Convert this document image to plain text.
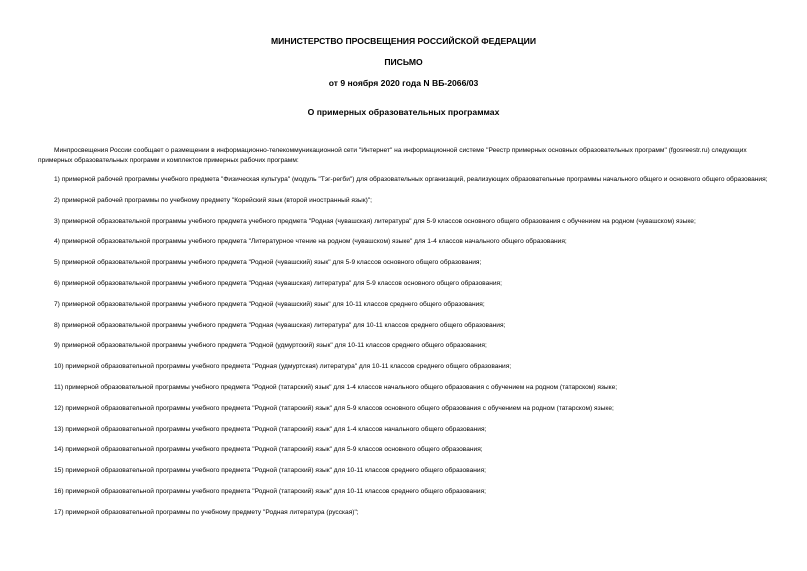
МИНИСТЕРСТВО ПРОСВЕЩЕНИЯ РОССИЙСКОЙ ФЕДЕРАЦИИ
ПИСЬМО
от 9 ноября 2020 года N ВБ-2066/03
О примерных образовательных программах

Минпросвещения России сообщает о размещении в информационно-телекоммуникационной сети "Интернет" на информационной системе "Реестр примерных основных образовательных программ" (fgosreestr.ru) следующих примерных образовательных программ и комплектов примерных рабочих программ:

1) примерной рабочей программы учебного предмета "Физическая культура" (модуль "Тэг-регби") для образовательных организаций, реализующих образовательные программы начального общего и основного общего образования;
2) примерной рабочей программы по учебному предмету "Корейский язык (второй иностранный язык)";
3) примерной образовательной программы учебного предмета учебного предмета "Родная (чувашская) литература" для 5-9 классов основного общего образования с обучением на родном (чувашском) языке;
4) примерной образовательной программы учебного предмета "Литературное чтение на родном (чувашском) языке" для 1-4 классов начального общего образования;
5) примерной образовательной программы учебного предмета "Родной (чувашский) язык" для 5-9 классов основного общего образования;
6) примерной образовательной программы учебного предмета "Родная (чувашская) литература" для 5-9 классов основного общего образования;
7) примерной образовательной программы учебного предмета "Родной (чувашский) язык" для 10-11 классов среднего общего образования;
8) примерной образовательной программы учебного предмета "Родная (чувашская) литература" для 10-11 классов среднего общего образования;
9) примерной образовательной программы учебного предмета "Родной (удмуртский) язык" для 10-11 классов среднего общего образования;
10) примерной образовательной программы учебного предмета "Родная (удмуртская) литература" для 10-11 классов среднего общего образования;
11) примерной образовательной программы учебного предмета "Родной (татарский) язык" для 1-4 классов начального общего образования с обучением на родном (татарском) языке;
12) примерной образовательной программы учебного предмета "Родной (татарский) язык" для 5-9 классов основного общего образования с обучением на родном (татарском) языке;
13) примерной образовательной программы учебного предмета "Родной (татарский) язык" для 1-4 классов начального общего образования;
14) примерной образовательной программы учебного предмета "Родной (татарский) язык" для 5-9 классов основного общего образования;
15) примерной образовательной программы учебного предмета "Родной (татарский) язык" для 10-11 классов среднего общего образования;
16) примерной образовательной программы учебного предмета "Родной (татарский) язык" для 10-11 классов среднего общего образования;
17) примерной образовательной программы по учебному предмету "Родная литература (русская)";
